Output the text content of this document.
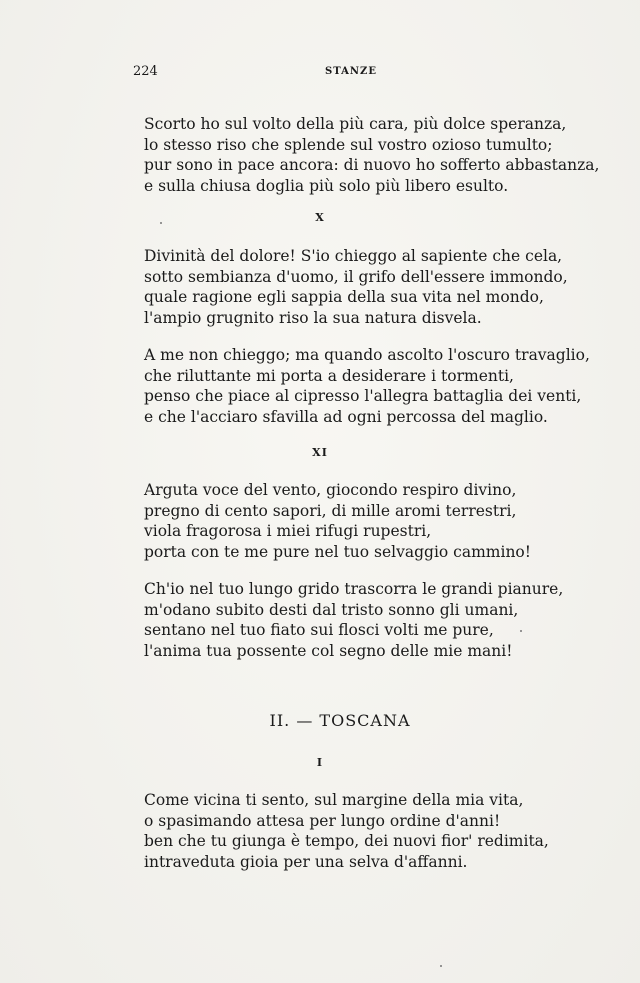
224	STANZE
Scorto ho sul volto della più cara, più dolce speranza,
lo stesso riso che splende sul vostro ozioso tumulto;
pur sono in pace ancora: di nuovo ho sofferto abbastanza,
e sulla chiusa doglia più solo più libero esulto.
X
Divinità del dolore! S'io chieggo al sapiente che cela,
sotto sembianza d'uomo, il grifo dell'essere immondo,
quale ragione egli sappia della sua vita nel mondo,
l'ampio grugnito riso la sua natura disvela.
A me non chieggo; ma quando ascolto l'oscuro travaglio,
che riluttante mi porta a desiderare i tormenti,
penso che piace al cipresso l'allegra battaglia dei venti,
e che l'acciaro sfavilla ad ogni percossa del maglio.
XI
Arguta voce del vento, giocondo respiro divino,
pregno di cento sapori, di mille aromi terrestri,
viola fragorosa i miei rifugi rupestri,
porta con te me pure nel tuo selvaggio cammino!
Ch'io nel tuo lungo grido trascorra le grandi pianure,
m'odano subito desti dal tristo sonno gli umani,
sentano nel tuo fiato sui flosci volti me pure,
l'anima tua possente col segno delle mie mani!
II. — TOSCANA
I
Come vicina ti sento, sul margine della mia vita,
o spasimando attesa per lungo ordine d'anni!
ben che tu giunga è tempo, dei nuovi fior' redimita,
intraveduta gioia per una selva d'affanni.
